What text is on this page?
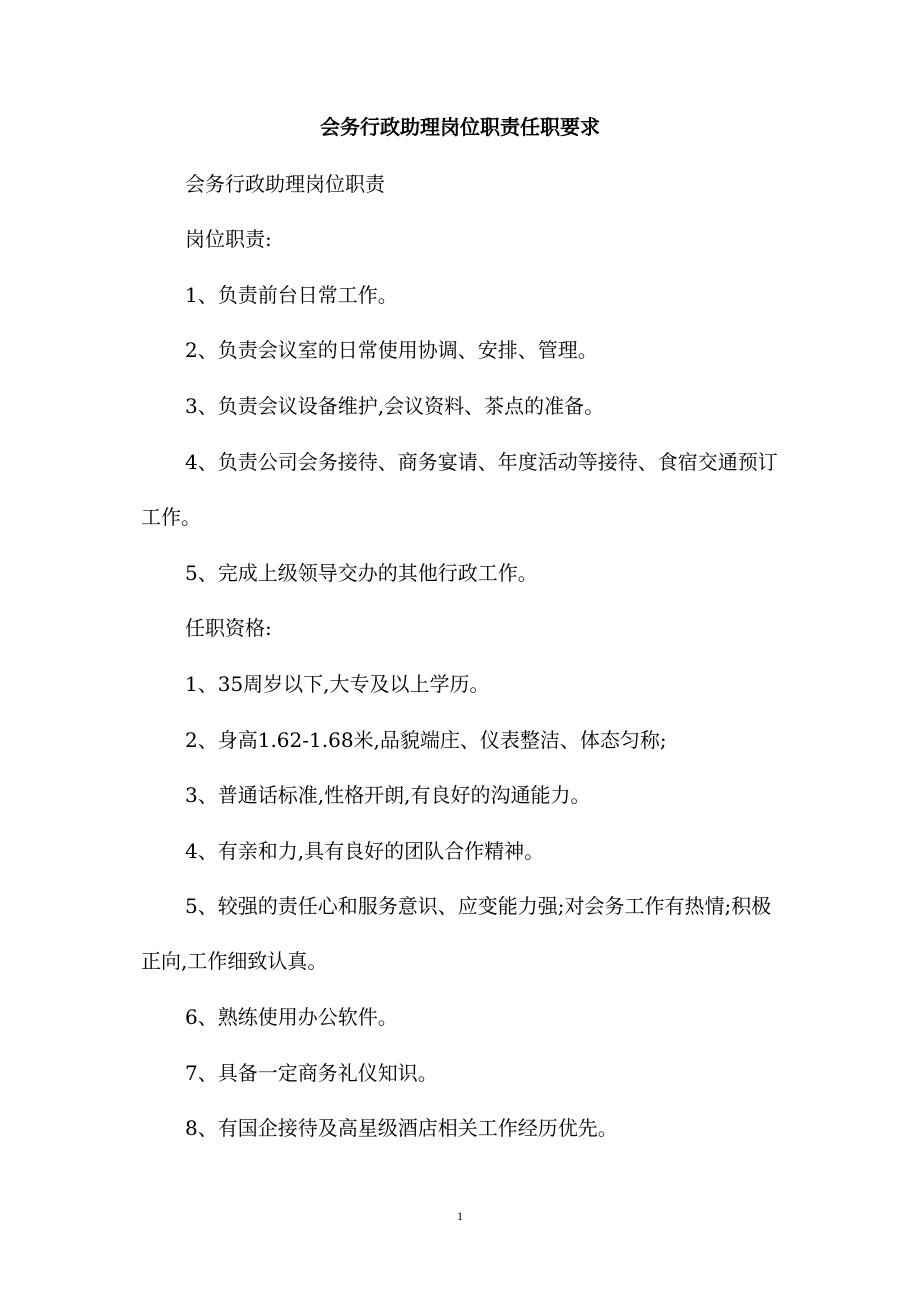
会务行政助理岗位职责任职要求
会务行政助理岗位职责
岗位职责:
1、负责前台日常工作。
2、负责会议室的日常使用协调、安排、管理。
3、负责会议设备维护,会议资料、茶点的准备。
4、负责公司会务接待、商务宴请、年度活动等接待、食宿交通预订工作。
5、完成上级领导交办的其他行政工作。
任职资格:
1、35周岁以下,大专及以上学历。
2、身高1.62-1.68米,品貌端庄、仪表整洁、体态匀称;
3、普通话标准,性格开朗,有良好的沟通能力。
4、有亲和力,具有良好的团队合作精神。
5、较强的责任心和服务意识、应变能力强;对会务工作有热情;积极正向,工作细致认真。
6、熟练使用办公软件。
7、具备一定商务礼仪知识。
8、有国企接待及高星级酒店相关工作经历优先。
1
